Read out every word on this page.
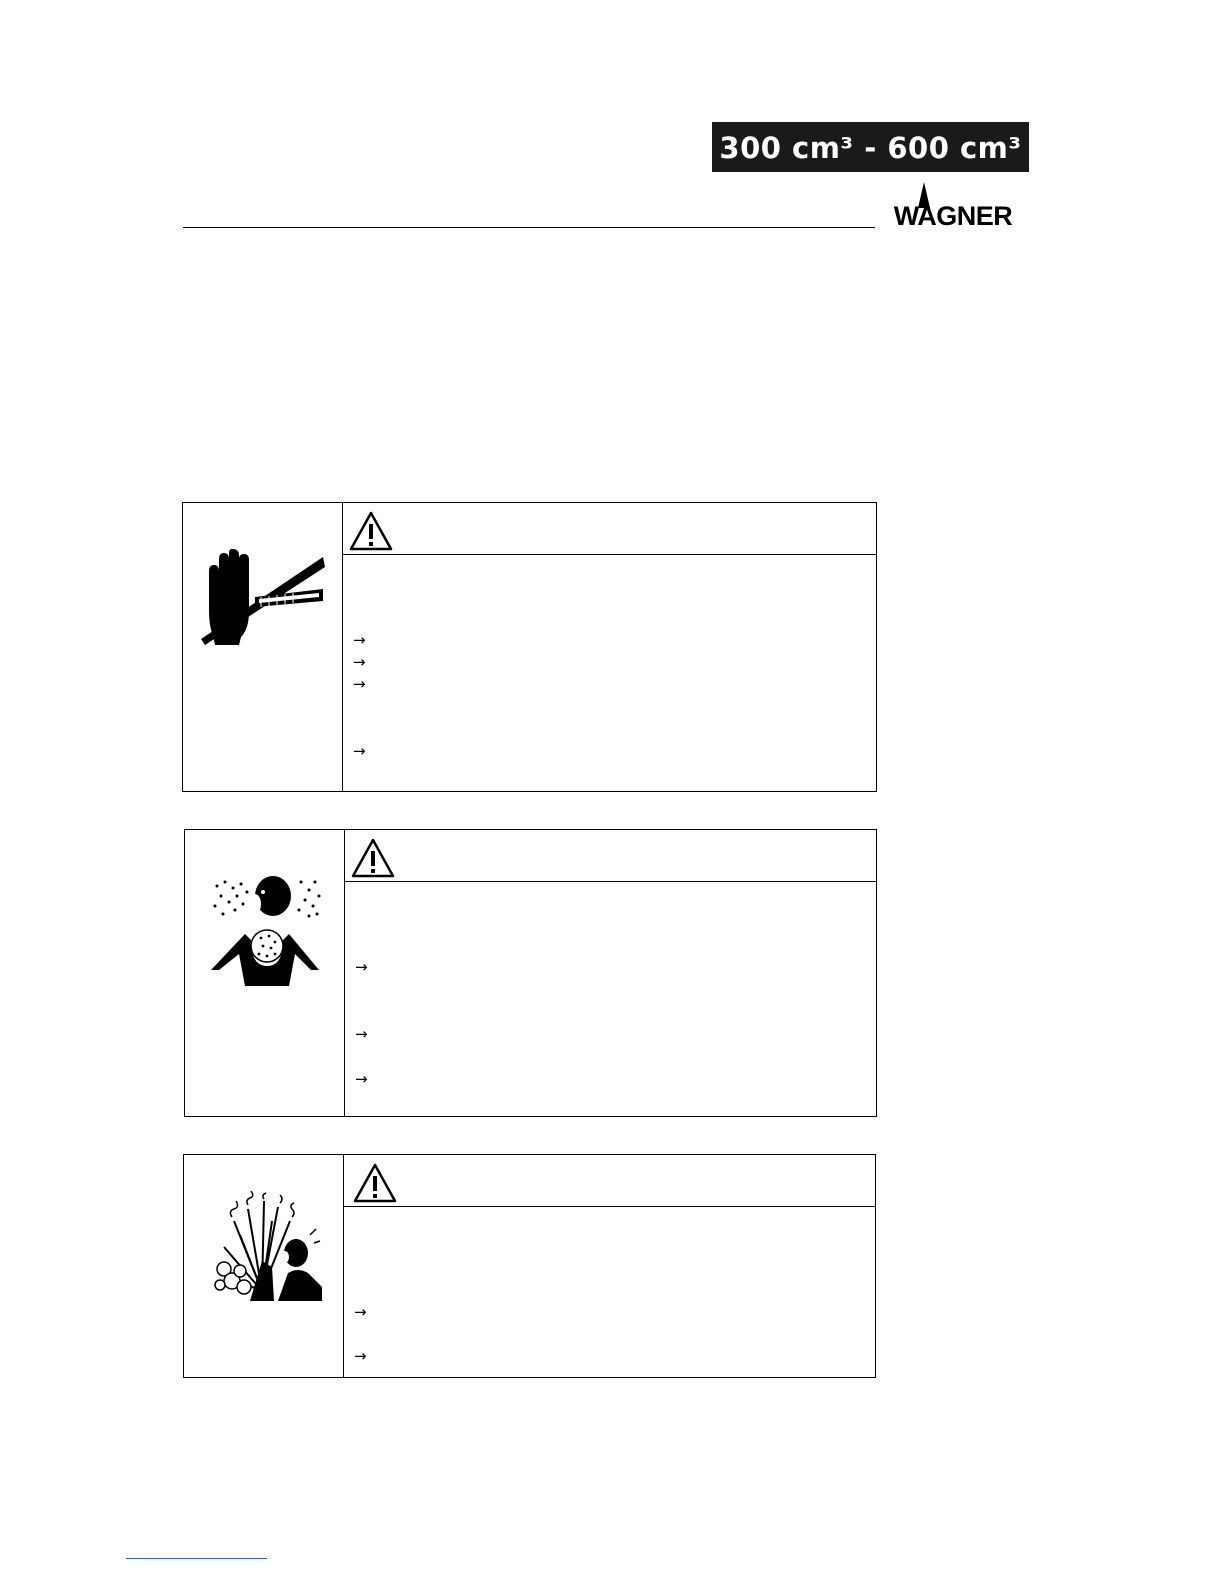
300 cm³ - 600 cm³
WAGNER
→
→
→
→
→
→
→
→
→
